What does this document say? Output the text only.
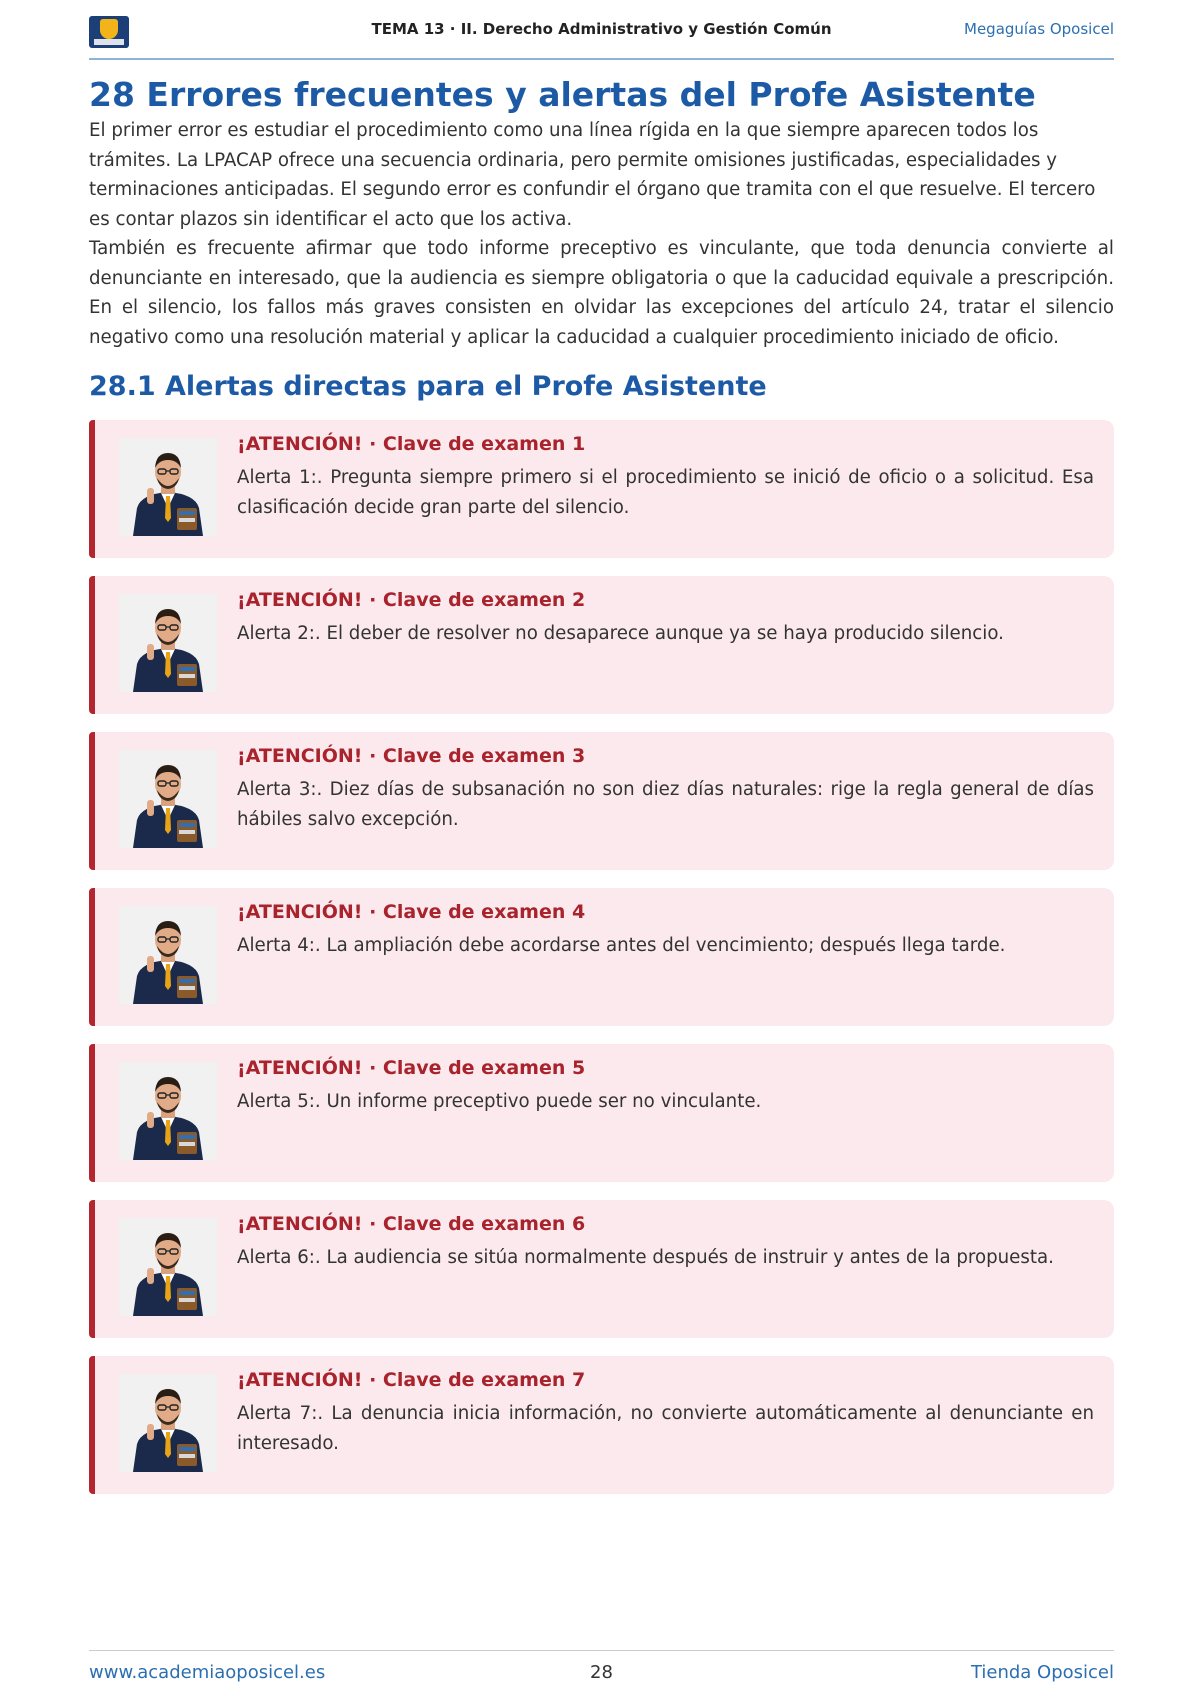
TEMA 13 · II. Derecho Administrativo y Gestión Común	Megaguías Oposicel
28 Errores frecuentes y alertas del Profe Asistente

El primer error es estudiar el procedimiento como una línea rígida en la que siempre aparecen todos los trámites. La LPACAP ofrece una secuencia ordinaria, pero permite omisiones justificadas, especialidades y terminaciones anticipadas. El segundo error es confundir el órgano que tramita con el que resuelve. El tercero es contar plazos sin identificar el acto que los activa.

También es frecuente afirmar que todo informe preceptivo es vinculante, que toda denuncia convierte al denunciante en interesado, que la audiencia es siempre obligatoria o que la caducidad equivale a prescripción. En el silencio, los fallos más graves consisten en olvidar las excepciones del artículo 24, tratar el silencio negativo como una resolución material y aplicar la caducidad a cualquier procedimiento iniciado de oficio.

28.1 Alertas directas para el Profe Asistente
¡ATENCIÓN! · Clave de examen 1
Alerta 1:. Pregunta siempre primero si el procedimiento se inició de oficio o a solicitud. Esa clasificación decide gran parte del silencio.
¡ATENCIÓN! · Clave de examen 2
Alerta 2:. El deber de resolver no desaparece aunque ya se haya producido silencio.
¡ATENCIÓN! · Clave de examen 3
Alerta 3:. Diez días de subsanación no son diez días naturales: rige la regla general de días hábiles salvo excepción.
¡ATENCIÓN! · Clave de examen 4
Alerta 4:. La ampliación debe acordarse antes del vencimiento; después llega tarde.
¡ATENCIÓN! · Clave de examen 5
Alerta 5:. Un informe preceptivo puede ser no vinculante.
¡ATENCIÓN! · Clave de examen 6
Alerta 6:. La audiencia se sitúa normalmente después de instruir y antes de la propuesta.
¡ATENCIÓN! · Clave de examen 7
Alerta 7:. La denuncia inicia información, no convierte automáticamente al denunciante en interesado.
www.academiaoposicel.es	28	Tienda Oposicel
